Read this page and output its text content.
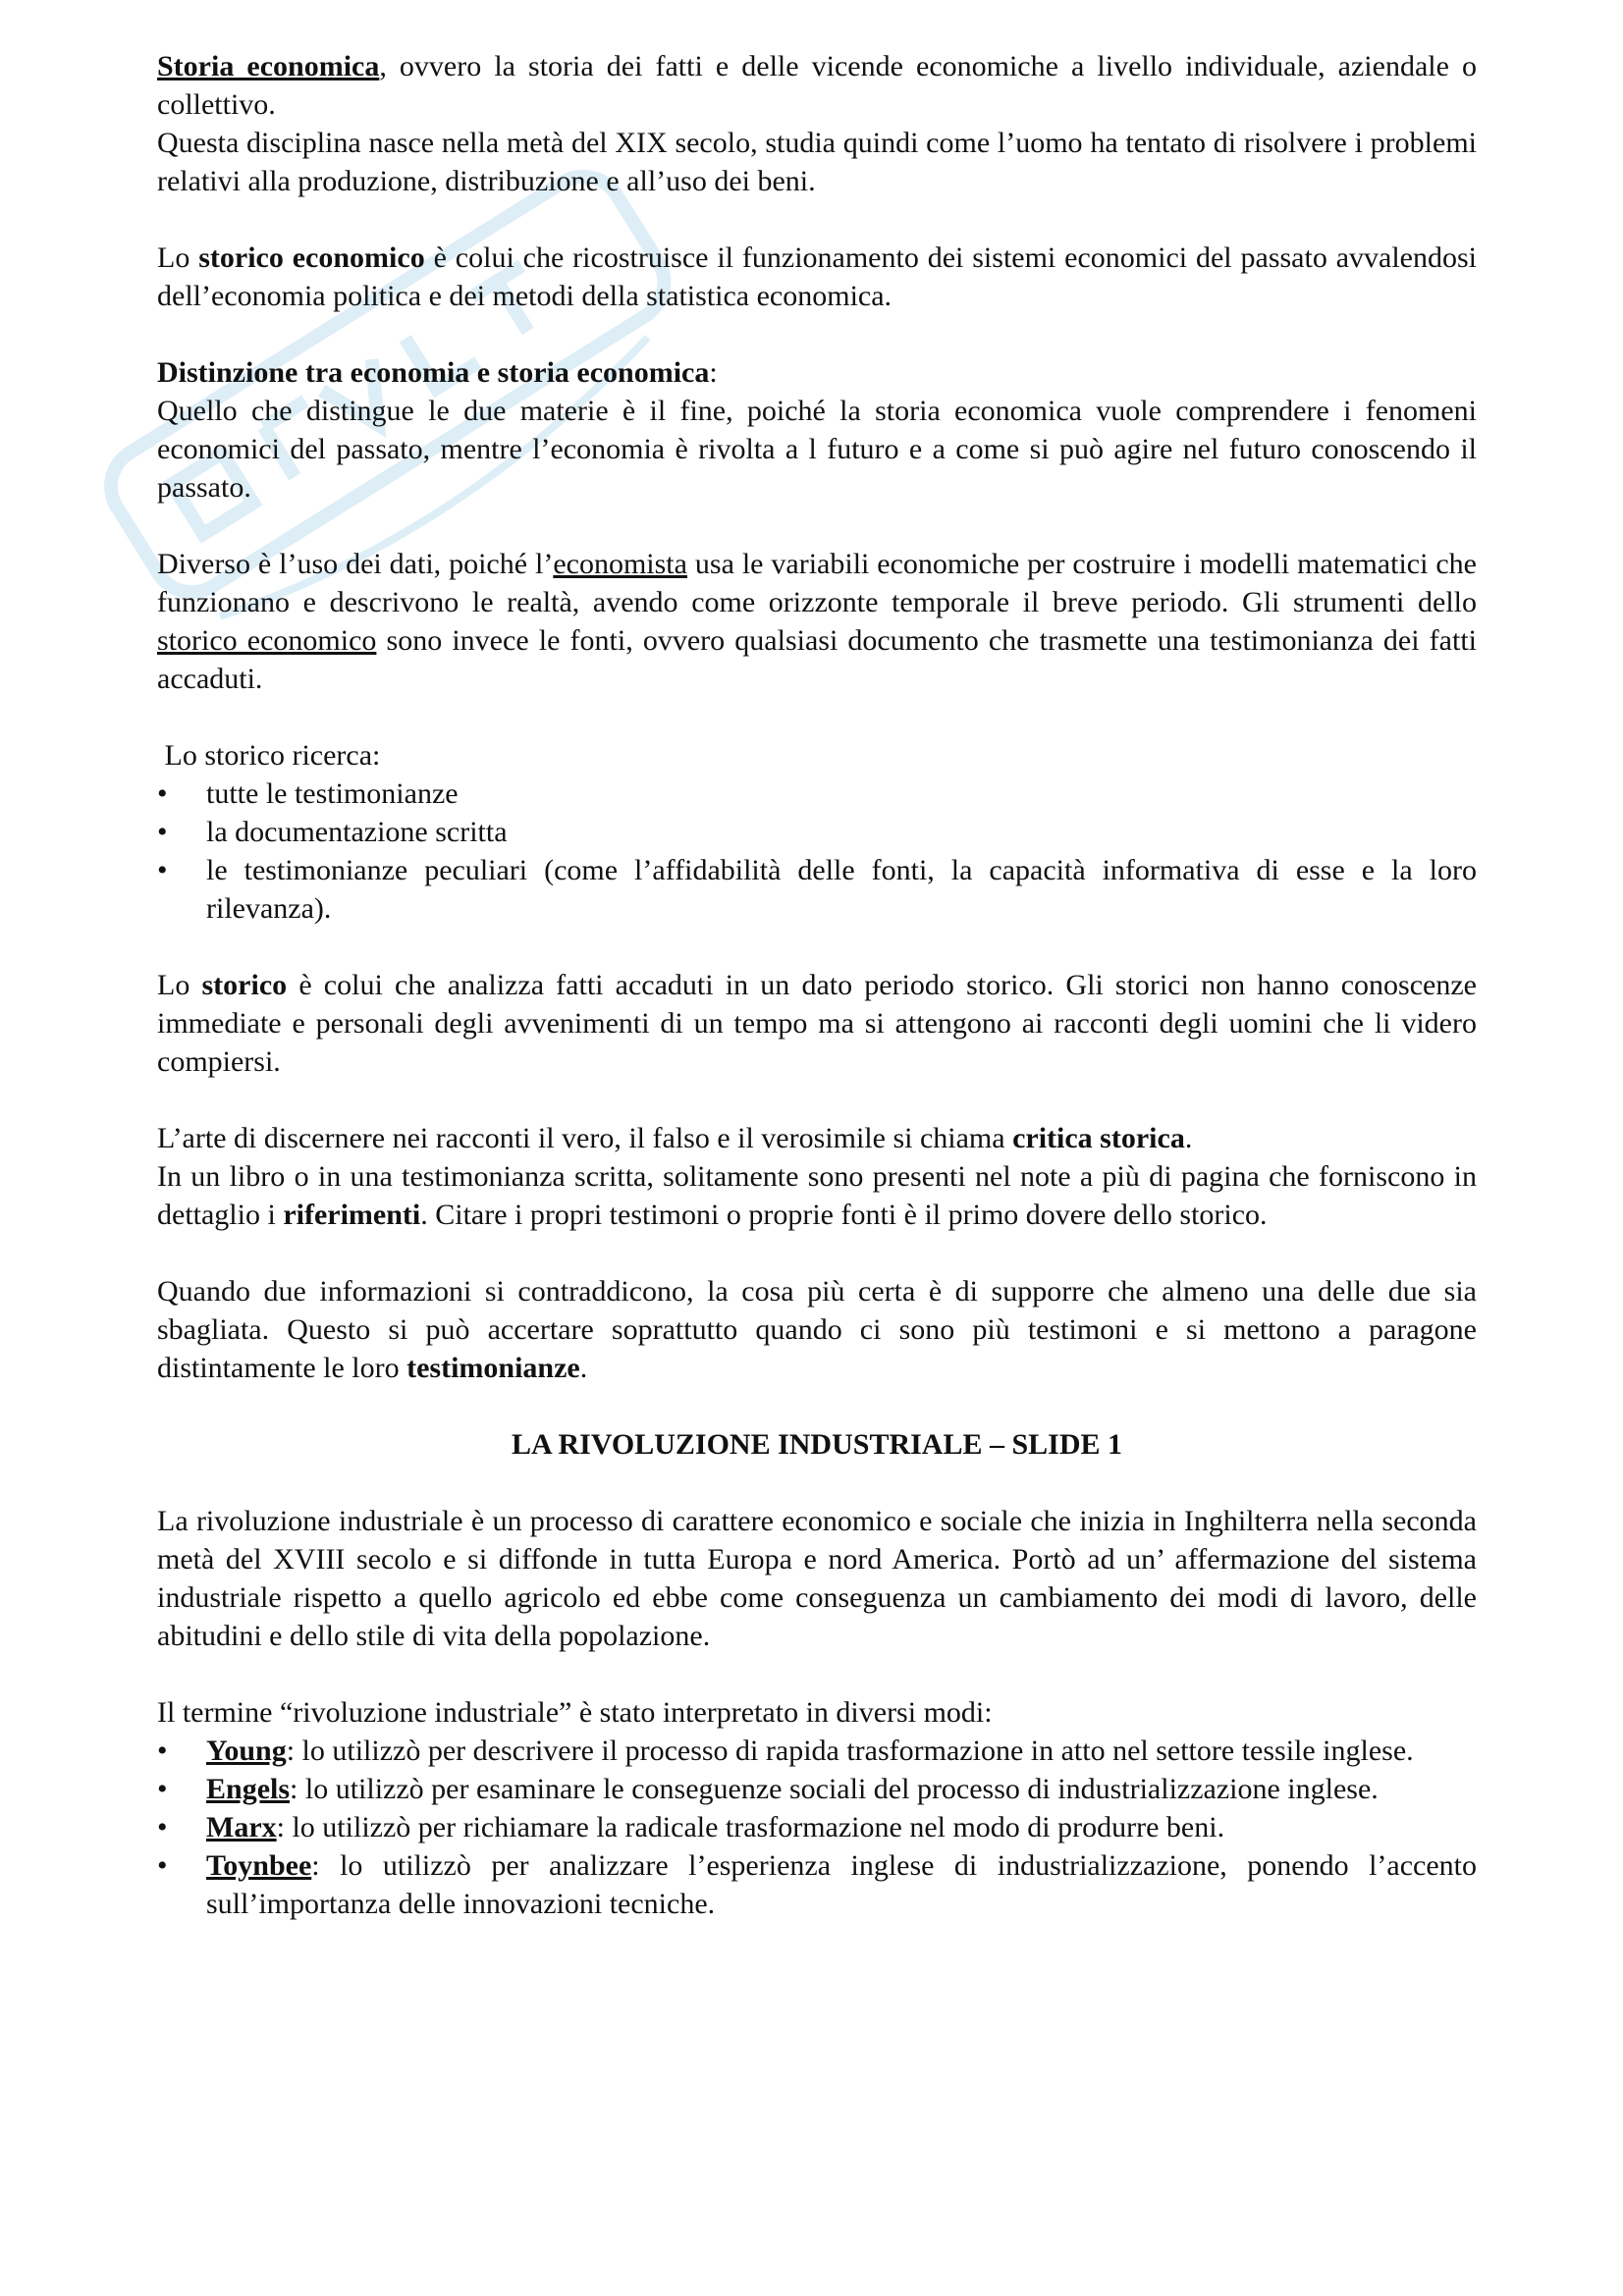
Storia economica, ovvero la storia dei fatti e delle vicende economiche a livello individuale, aziendale o collettivo.

Questa disciplina nasce nella metà del XIX secolo, studia quindi come l’uomo ha tentato di risolvere i problemi relativi alla produzione, distribuzione e all’uso dei beni.

Lo storico economico è colui che ricostruisce il funzionamento dei sistemi economici del passato avvalendosi dell’economia politica e dei metodi della statistica economica.

Distinzione tra economia e storia economica:

Quello che distingue le due materie è il fine, poiché la storia economica vuole comprendere i fenomeni economici del passato, mentre l’economia è rivolta a l futuro e a come si può agire nel futuro conoscendo il passato.

Diverso è l’uso dei dati, poiché l’economista usa le variabili economiche per costruire i modelli matematici che funzionano e descrivono le realtà, avendo come orizzonte temporale il breve periodo. Gli strumenti dello storico economico sono invece le fonti, ovvero qualsiasi documento che trasmette una testimonianza dei fatti accaduti.

Lo storico ricerca:

•	tutte le testimonianze
•	la documentazione scritta
•	le testimonianze peculiari (come l’affidabilità delle fonti, la capacità informativa di esse e la loro rilevanza).

Lo storico è colui che analizza fatti accaduti in un dato periodo storico. Gli storici non hanno conoscenze immediate e personali degli avvenimenti di un tempo ma si attengono ai racconti degli uomini che li videro compiersi.

L’arte di discernere nei racconti il vero, il falso e il verosimile si chiama critica storica.

In un libro o in una testimonianza scritta, solitamente sono presenti nel note a più di pagina che forniscono in dettaglio i riferimenti. Citare i propri testimoni o proprie fonti è il primo dovere dello storico.

Quando due informazioni si contraddicono, la cosa più certa è di supporre che almeno una delle due sia sbagliata. Questo si può accertare soprattutto quando ci sono più testimoni e si mettono a paragone distintamente le loro testimonianze.

LA RIVOLUZIONE INDUSTRIALE – SLIDE 1

La rivoluzione industriale è un processo di carattere economico e sociale che inizia in Inghilterra nella seconda metà del XVIII secolo e si diffonde in tutta Europa e nord America. Portò ad un’ affermazione del sistema industriale rispetto a quello agricolo ed ebbe come conseguenza un cambiamento dei modi di lavoro, delle abitudini e dello stile di vita della popolazione.

Il termine “rivoluzione industriale” è stato interpretato in diversi modi:

•	Young: lo utilizzò per descrivere il processo di rapida trasformazione in atto nel settore tessile inglese.
•	Engels: lo utilizzò per esaminare le conseguenze sociali del processo di industrializzazione inglese.
•	Marx: lo utilizzò per richiamare la radicale trasformazione nel modo di produrre beni.
•	Toynbee: lo utilizzò per analizzare l’esperienza inglese di industrializzazione, ponendo l’accento sull’importanza delle innovazioni tecniche.
